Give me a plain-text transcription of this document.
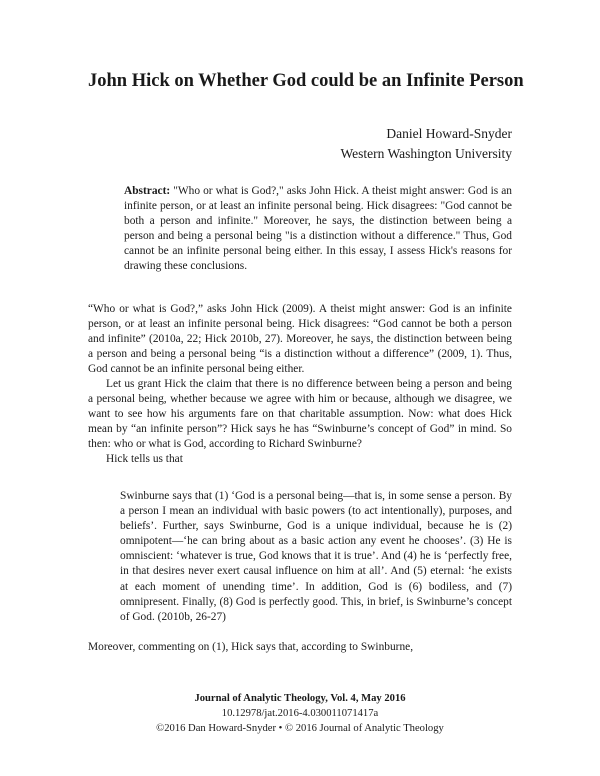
John Hick on Whether God could be an Infinite Person
Daniel Howard-Snyder
Western Washington University
Abstract: "Who or what is God?," asks John Hick. A theist might answer: God is an infinite person, or at least an infinite personal being. Hick disagrees: "God cannot be both a person and infinite." Moreover, he says, the distinction between being a person and being a personal being "is a distinction without a difference." Thus, God cannot be an infinite personal being either. In this essay, I assess Hick's reasons for drawing these conclusions.

“Who or what is God?,” asks John Hick (2009). A theist might answer: God is an infinite person, or at least an infinite personal being. Hick disagrees: “God cannot be both a person and infinite” (2010a, 22; Hick 2010b, 27). Moreover, he says, the distinction between being a person and being a personal being “is a distinction without a difference” (2009, 1). Thus, God cannot be an infinite personal being either.

Let us grant Hick the claim that there is no difference between being a person and being a personal being, whether because we agree with him or because, although we disagree, we want to see how his arguments fare on that charitable assumption. Now: what does Hick mean by “an infinite person”? Hick says he has “Swinburne’s concept of God” in mind. So then: who or what is God, according to Richard Swinburne?

Hick tells us that

Swinburne says that (1) ‘God is a personal being—that is, in some sense a person. By a person I mean an individual with basic powers (to act intentionally), purposes, and beliefs’. Further, says Swinburne, God is a unique individual, because he is (2) omnipotent—‘he can bring about as a basic action any event he chooses’. (3) He is omniscient: ‘whatever is true, God knows that it is true’. And (4) he is ‘perfectly free, in that desires never exert causal influence on him at all’. And (5) eternal: ‘he exists at each moment of unending time’. In addition, God is (6) bodiless, and (7) omnipresent. Finally, (8) God is perfectly good. This, in brief, is Swinburne’s concept of God. (2010b, 26-27)
Moreover, commenting on (1), Hick says that, according to Swinburne,
Journal of Analytic Theology, Vol. 4, May 2016
10.12978/jat.2016-4.030011071417a
©2016 Dan Howard-Snyder • © 2016 Journal of Analytic Theology
